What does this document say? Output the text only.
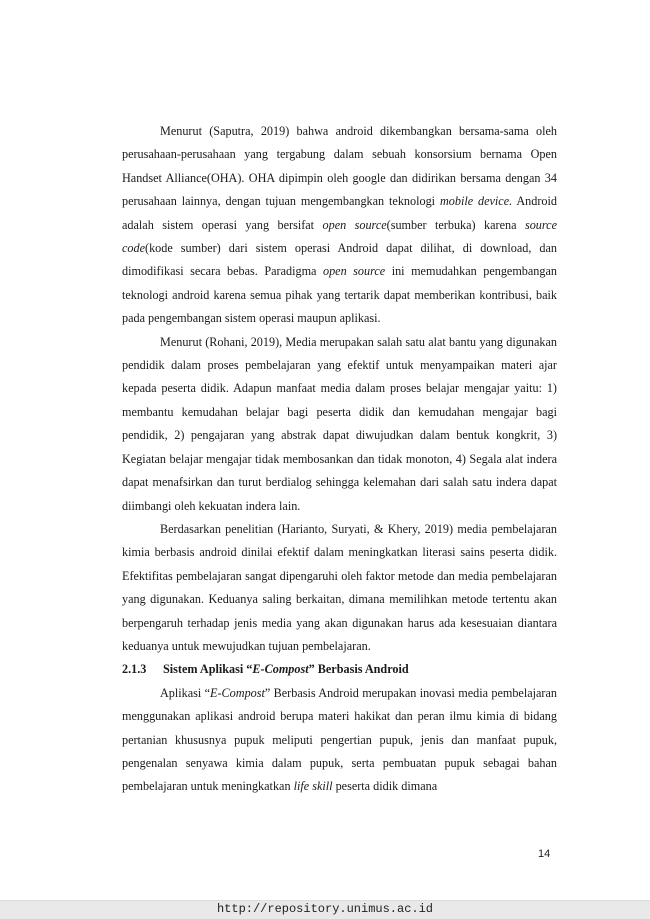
Menurut (Saputra, 2019) bahwa android dikembangkan bersama-sama oleh perusahaan-perusahaan yang tergabung dalam sebuah konsorsium bernama Open Handset Alliance(OHA). OHA dipimpin oleh google dan didirikan bersama dengan 34 perusahaan lainnya, dengan tujuan mengembangkan teknologi mobile device. Android adalah sistem operasi yang bersifat open source(sumber terbuka) karena source code(kode sumber) dari sistem operasi Android dapat dilihat, di download, dan dimodifikasi secara bebas. Paradigma open source ini memudahkan pengembangan teknologi android karena semua pihak yang tertarik dapat memberikan kontribusi, baik pada pengembangan sistem operasi maupun aplikasi.

Menurut (Rohani, 2019), Media merupakan salah satu alat bantu yang digunakan pendidik dalam proses pembelajaran yang efektif untuk menyampaikan materi ajar kepada peserta didik. Adapun manfaat media dalam proses belajar mengajar yaitu: 1) membantu kemudahan belajar bagi peserta didik dan kemudahan mengajar bagi pendidik, 2) pengajaran yang abstrak dapat diwujudkan dalam bentuk kongkrit, 3) Kegiatan belajar mengajar tidak membosankan dan tidak monoton, 4) Segala alat indera dapat menafsirkan dan turut berdialog sehingga kelemahan dari salah satu indera dapat diimbangi oleh kekuatan indera lain.

Berdasarkan penelitian (Harianto, Suryati, & Khery, 2019) media pembelajaran kimia berbasis android dinilai efektif dalam meningkatkan literasi sains peserta didik. Efektifitas pembelajaran sangat dipengaruhi oleh faktor metode dan media pembelajaran yang digunakan. Keduanya saling berkaitan, dimana memilihkan metode tertentu akan berpengaruh terhadap jenis media yang akan digunakan harus ada kesesuaian diantara keduanya untuk mewujudkan tujuan pembelajaran.

2.1.3 Sistem Aplikasi “E-Compost” Berbasis Android

Aplikasi “E-Compost” Berbasis Android merupakan inovasi media pembelajaran menggunakan aplikasi android berupa materi hakikat dan peran ilmu kimia di bidang pertanian khususnya pupuk meliputi pengertian pupuk, jenis dan manfaat pupuk, pengenalan senyawa kimia dalam pupuk, serta pembuatan pupuk sebagai bahan pembelajaran untuk meningkatkan life skill peserta didik dimana

14
http://repository.unimus.ac.id
